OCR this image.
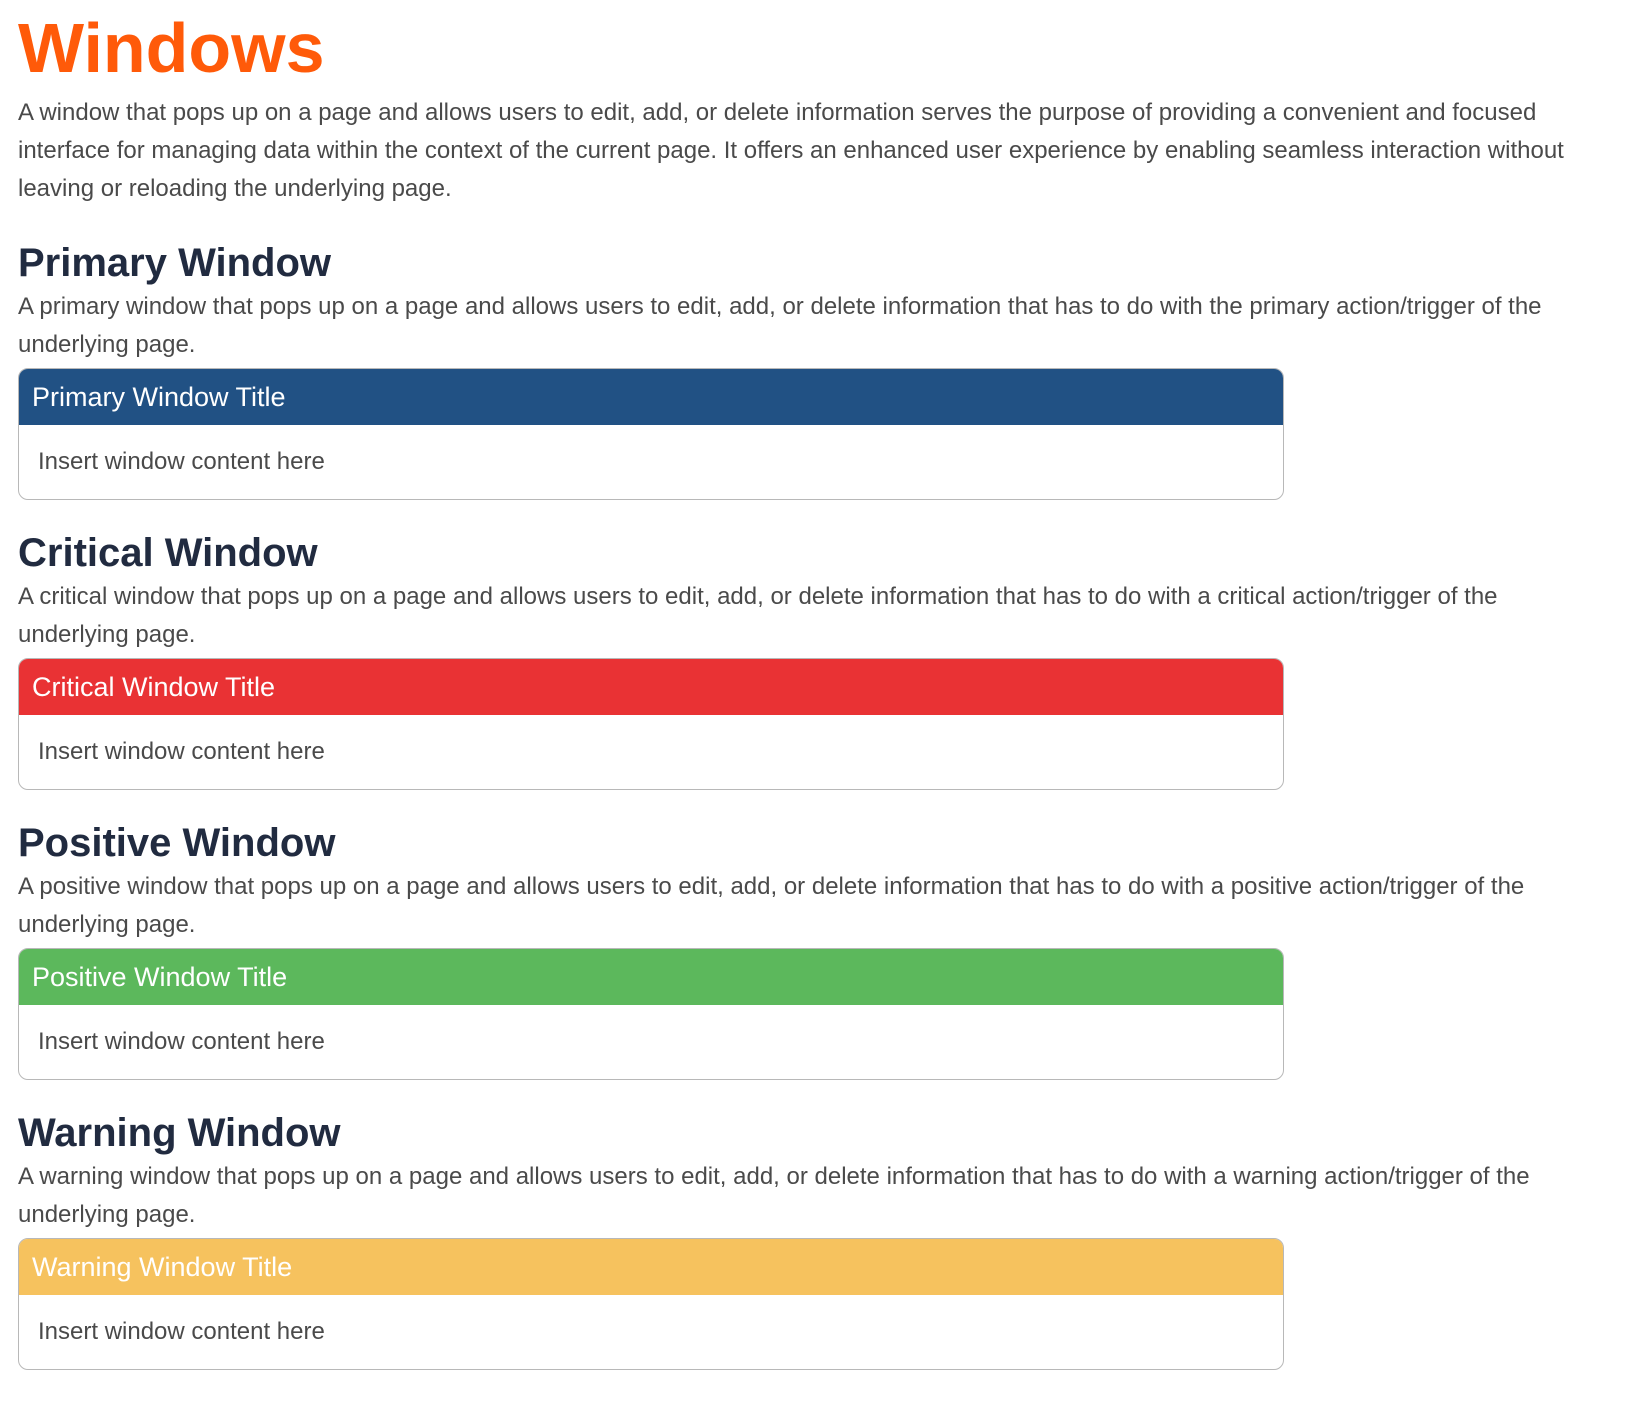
Windows

A window that pops up on a page and allows users to edit, add, or delete information serves the purpose of providing a convenient and focused interface for managing data within the context of the current page. It offers an enhanced user experience by enabling seamless interaction without leaving or reloading the underlying page.

Primary Window

A primary window that pops up on a page and allows users to edit, add, or delete information that has to do with the primary action/trigger of the underlying page.

Primary Window Title
Insert window content here
Critical Window

A critical window that pops up on a page and allows users to edit, add, or delete information that has to do with a critical action/trigger of the underlying page.

Critical Window Title
Insert window content here
Positive Window

A positive window that pops up on a page and allows users to edit, add, or delete information that has to do with a positive action/trigger of the underlying page.

Positive Window Title
Insert window content here
Warning Window

A warning window that pops up on a page and allows users to edit, add, or delete information that has to do with a warning action/trigger of the underlying page.

Warning Window Title
Insert window content here
